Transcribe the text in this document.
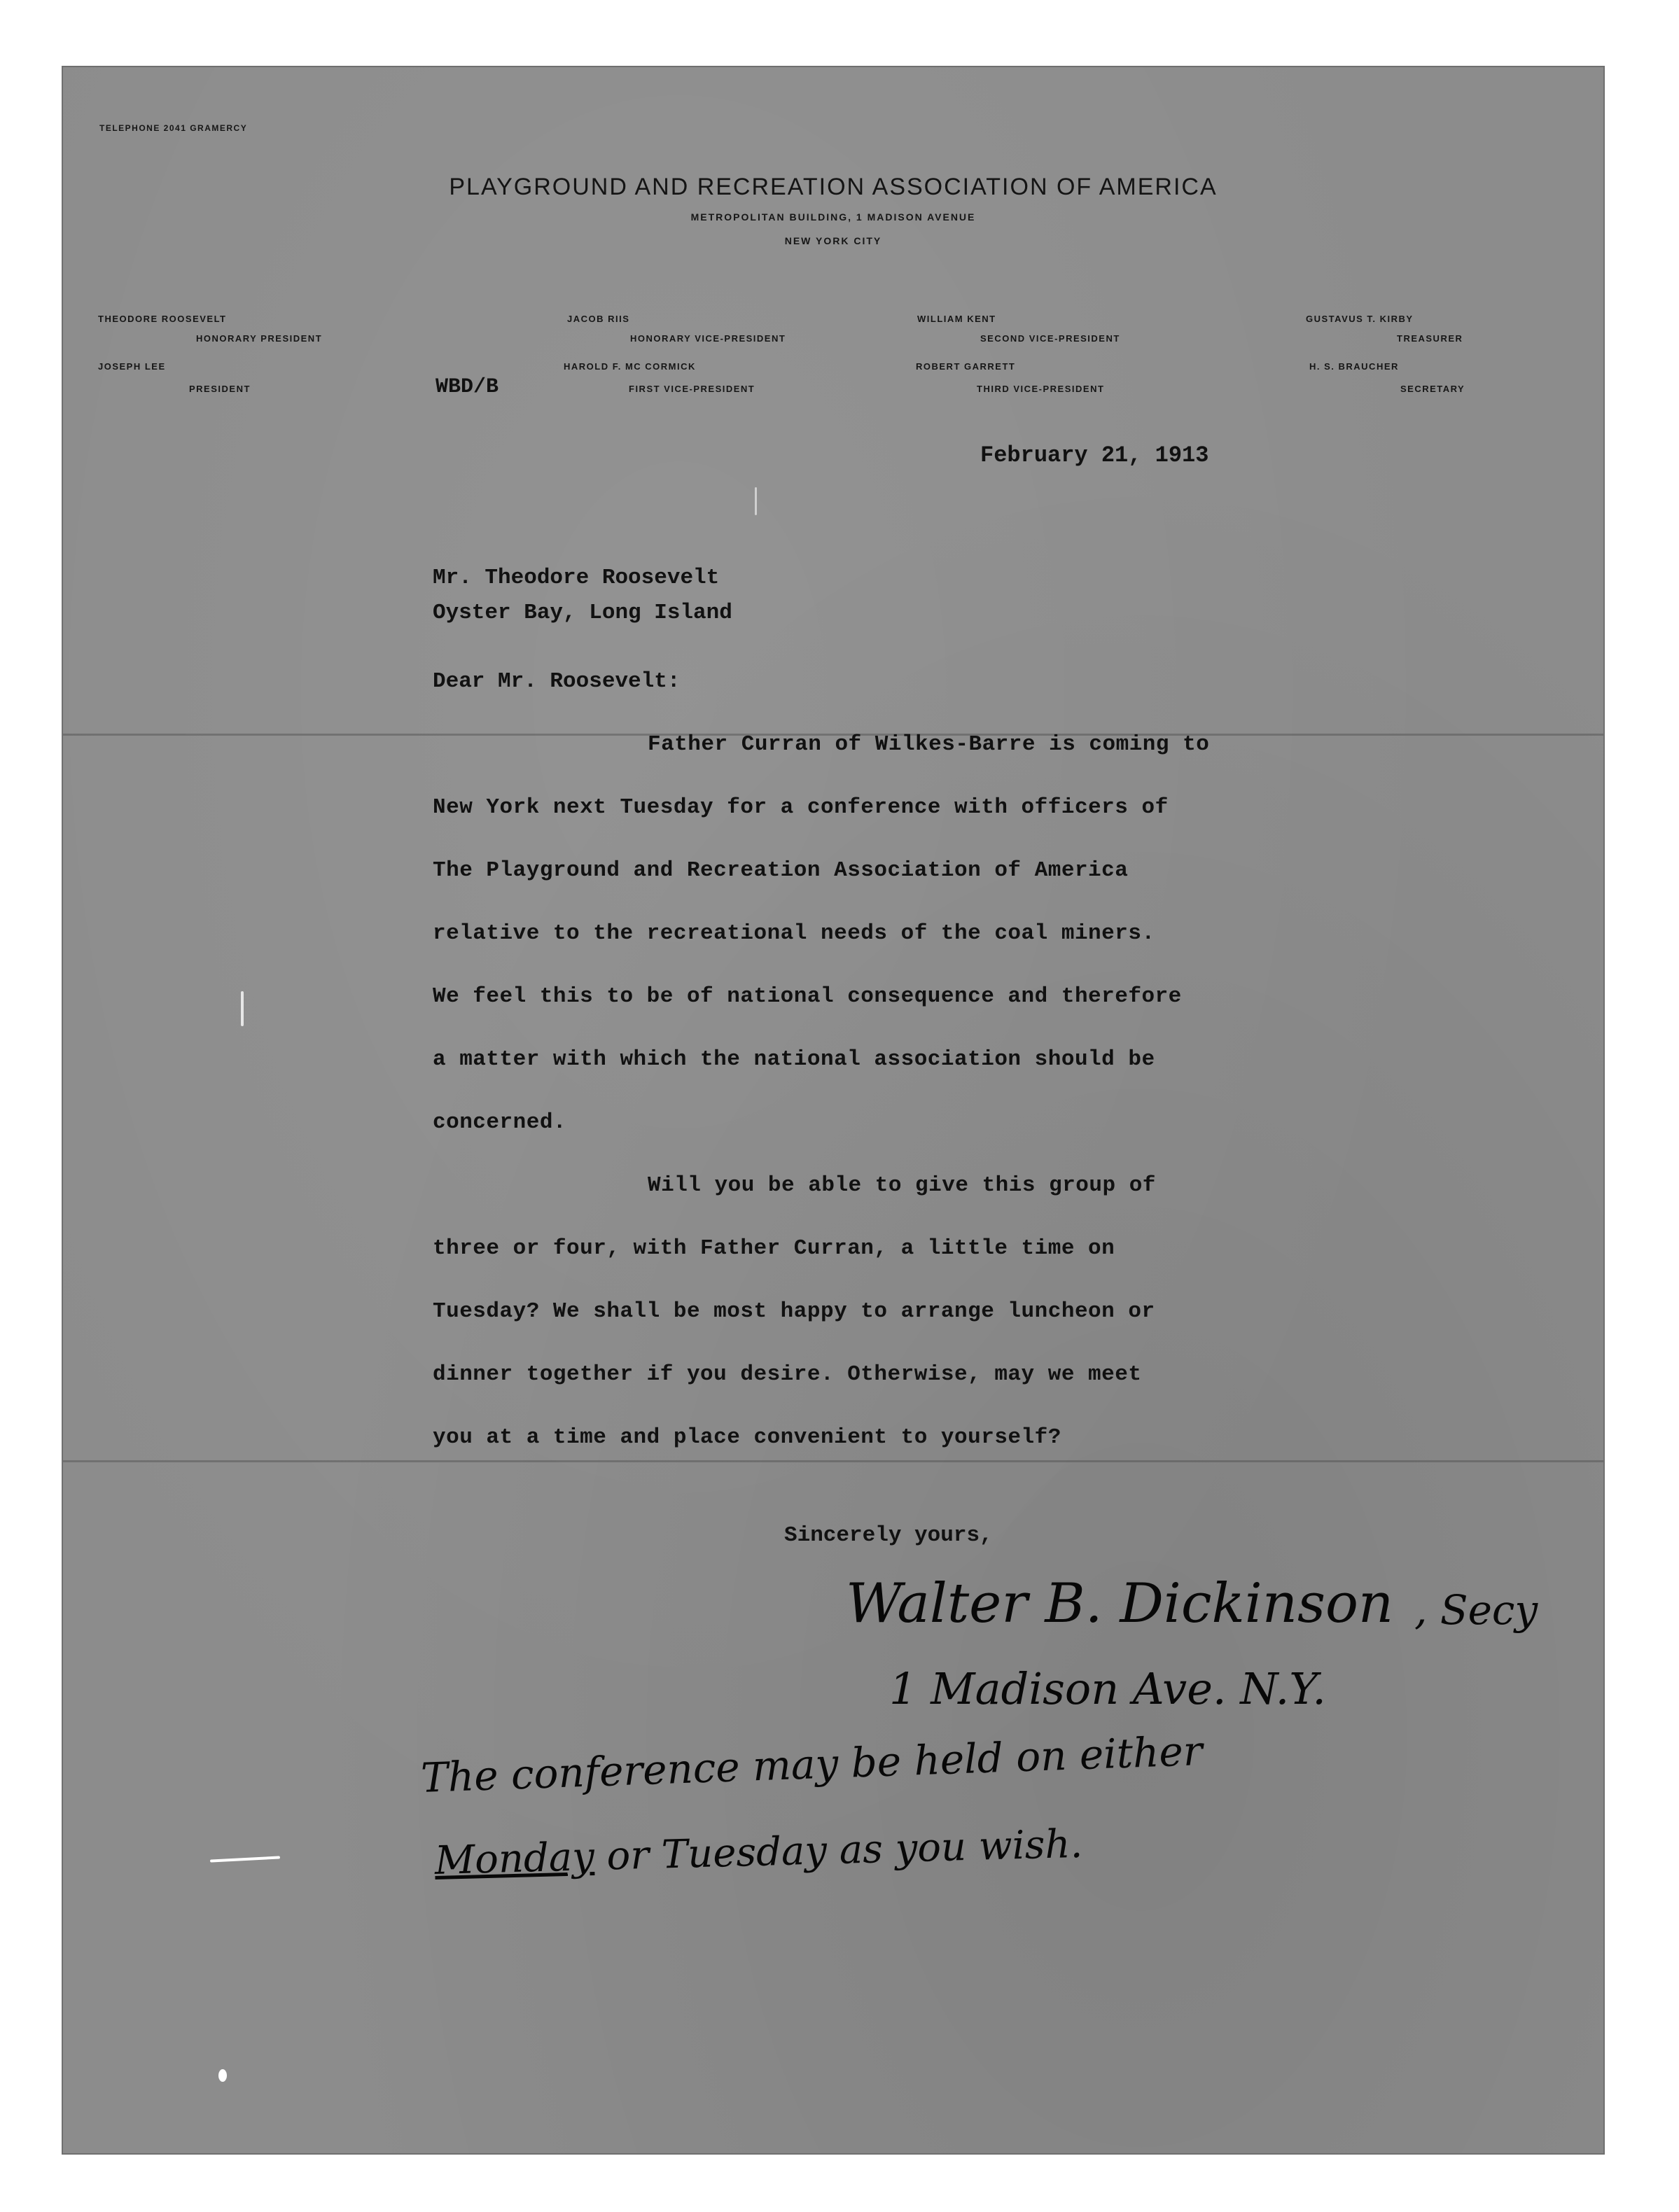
TELEPHONE 2041 GRAMERCY
PLAYGROUND AND RECREATION ASSOCIATION OF AMERICA
METROPOLITAN BUILDING, 1 MADISON AVENUE
NEW YORK CITY
THEODORE ROOSEVELT
HONORARY PRESIDENT
JACOB RIIS
HONORARY VICE-PRESIDENT
WILLIAM KENT
SECOND VICE-PRESIDENT
GUSTAVUS T. KIRBY
TREASURER
JOSEPH LEE
PRESIDENT
HAROLD F. MC CORMICK
FIRST VICE-PRESIDENT
ROBERT GARRETT
THIRD VICE-PRESIDENT
H. S. BRAUCHER
SECRETARY
WBD/B
February 21, 1913
Mr. Theodore Roosevelt
Oyster Bay, Long Island
Dear Mr. Roosevelt:
Father Curran of Wilkes-Barre is coming to
New York next Tuesday for a conference with officers of
The Playground and Recreation Association of America
relative to the recreational needs of the coal miners.
We feel this to be of national consequence and therefore
a matter with which the national association should be
concerned.
Will you be able to give this group of
three or four, with Father Curran, a little time on
Tuesday? We shall be most happy to arrange luncheon or
dinner together if you desire. Otherwise, may we meet
you at a time and place convenient to yourself?
Sincerely yours,
Walter B. Dickinson , Secy
1 Madison Ave. N.Y.
The conference may be held on either
Monday or Tuesday as you wish.
